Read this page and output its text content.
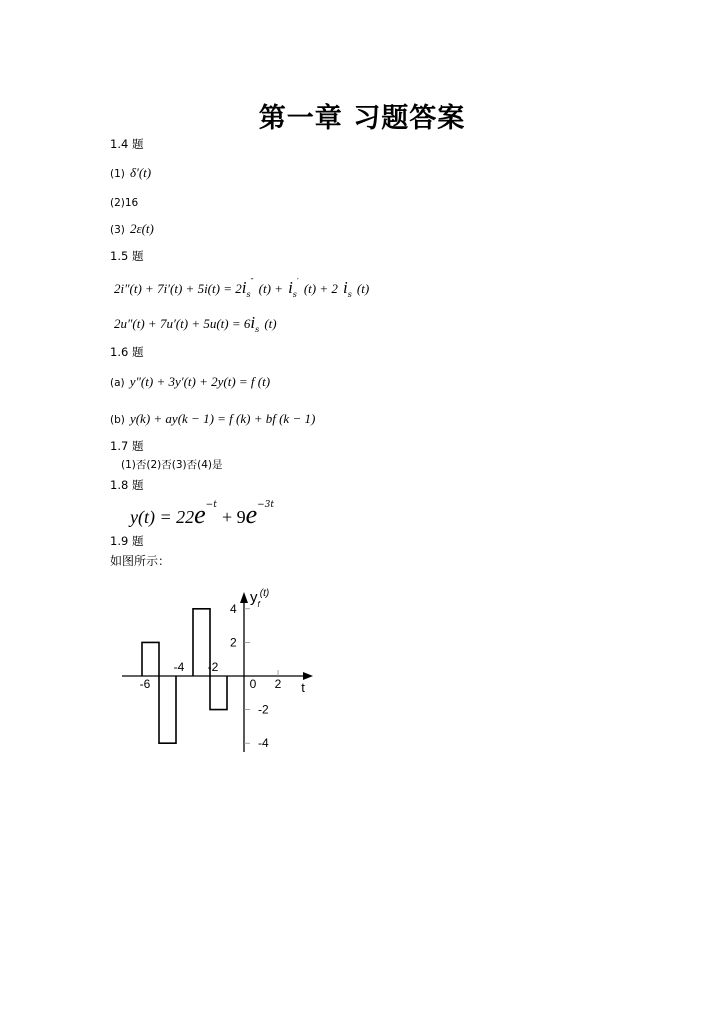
第一章 习题答案
1.4 题
(1) δ′(t)
(2)16
(3) 2ε(t)
1.5 题
$2i''(t) + 7i'(t) + 5i(t) = 2i_s''$ $(t) + i_s'$ (t) + 2 $i_s$ (t)
$2u''(t) + 7u'(t) + 5u(t) = 6i_s$ (t)
1.6 题
(a) y″(t) + 3y′(t) + 2y(t) = f (t)
(b) y(k) + ay(k − 1) = f (k) + bf (k − 1)
1.7 题
(1)否(2)否(3)否(4)是
1.8 题
$y(t) = 22e^{-t} + 9e^{-3t}$
1.9 题
如图所示：
4
2
-2
-4
-6
-4 -2
0 2 t
$y_f^{(t)}$
